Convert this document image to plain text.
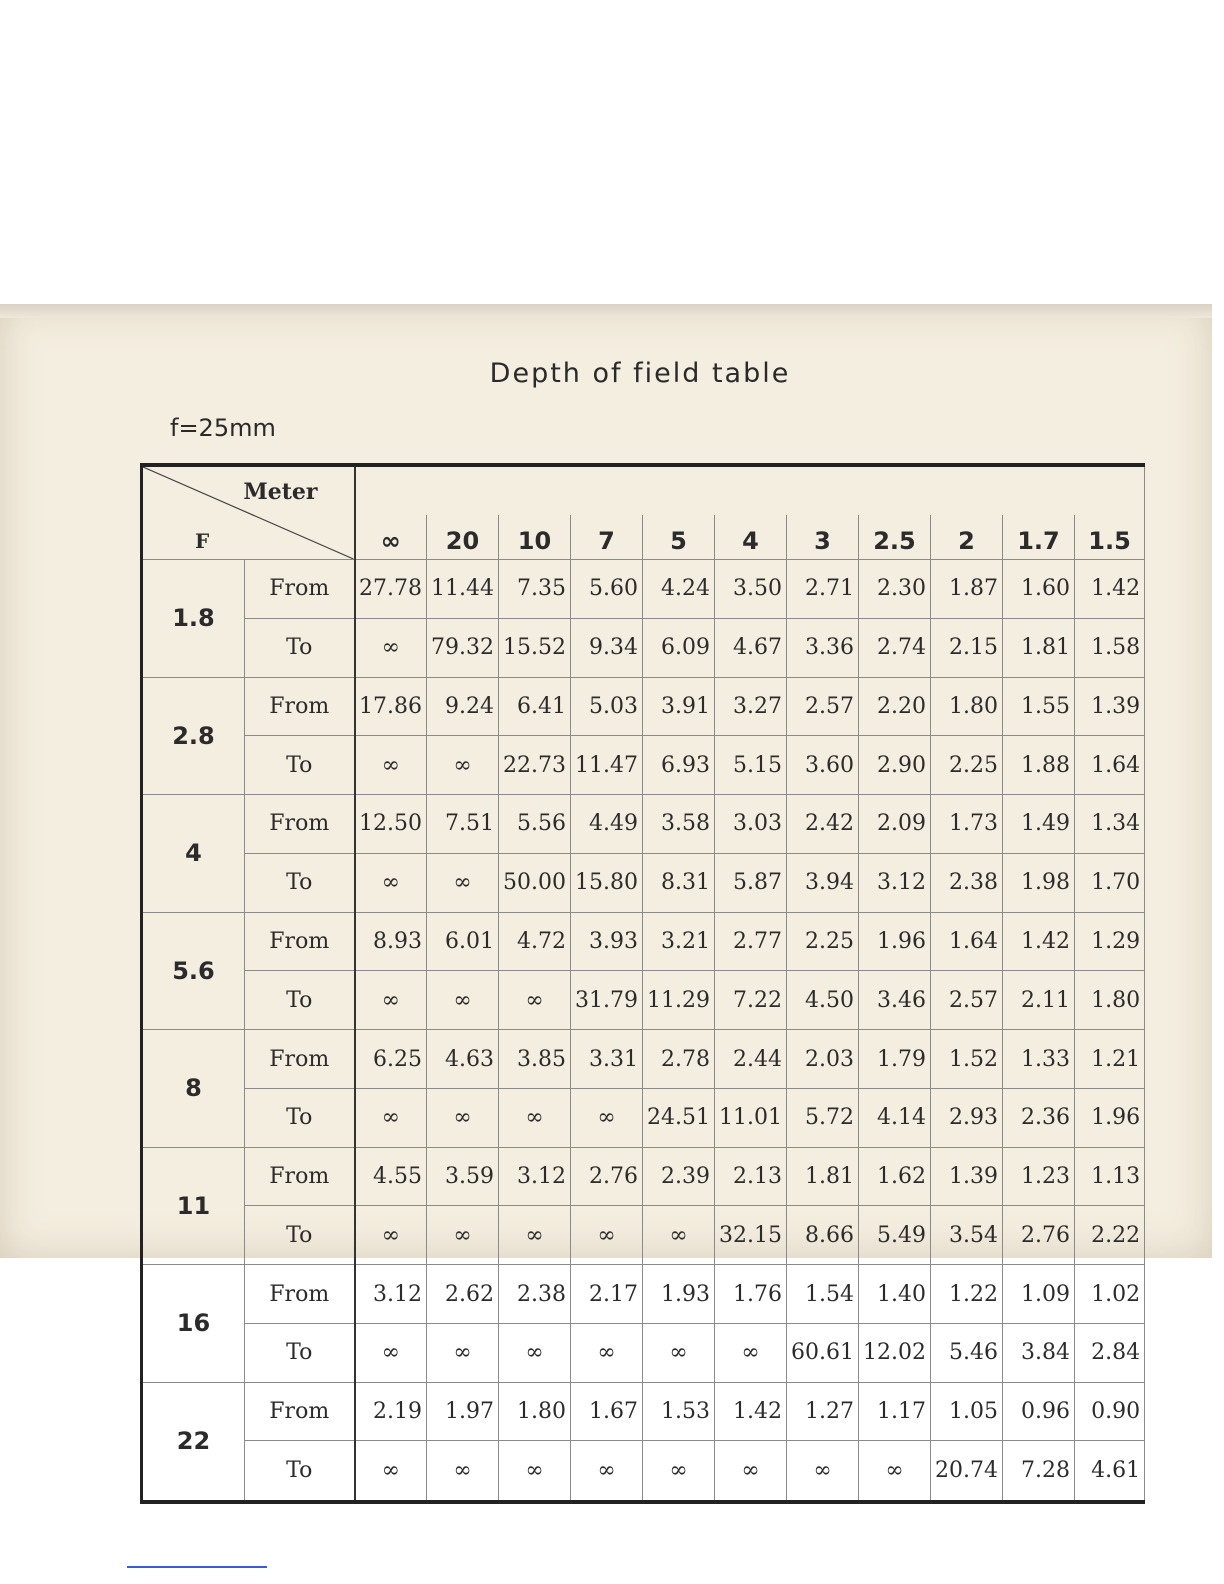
Depth of field table
f=25mm
Meter
F												

		∞	20	10	7	5	4	3	2.5	2	1.7	1.5
1.8	From	27.78	11.44	7.35	5.60	4.24	3.50	2.71	2.30	1.87	1.60	1.42
	To	∞	79.32	15.52	9.34	6.09	4.67	3.36	2.74	2.15	1.81	1.58
2.8	From	17.86	9.24	6.41	5.03	3.91	3.27	2.57	2.20	1.80	1.55	1.39
	To	∞	∞	22.73	11.47	6.93	5.15	3.60	2.90	2.25	1.88	1.64
4	From	12.50	7.51	5.56	4.49	3.58	3.03	2.42	2.09	1.73	1.49	1.34
	To	∞	∞	50.00	15.80	8.31	5.87	3.94	3.12	2.38	1.98	1.70
5.6	From	8.93	6.01	4.72	3.93	3.21	2.77	2.25	1.96	1.64	1.42	1.29
	To	∞	∞	∞	31.79	11.29	7.22	4.50	3.46	2.57	2.11	1.80
8	From	6.25	4.63	3.85	3.31	2.78	2.44	2.03	1.79	1.52	1.33	1.21
	To	∞	∞	∞	∞	24.51	11.01	5.72	4.14	2.93	2.36	1.96
11	From	4.55	3.59	3.12	2.76	2.39	2.13	1.81	1.62	1.39	1.23	1.13
	To	∞	∞	∞	∞	∞	32.15	8.66	5.49	3.54	2.76	2.22
16	From	3.12	2.62	2.38	2.17	1.93	1.76	1.54	1.40	1.22	1.09	1.02
	To	∞	∞	∞	∞	∞	∞	60.61	12.02	5.46	3.84	2.84
22	From	2.19	1.97	1.80	1.67	1.53	1.42	1.27	1.17	1.05	0.96	0.90
	To	∞	∞	∞	∞	∞	∞	∞	∞	20.74	7.28	4.61
